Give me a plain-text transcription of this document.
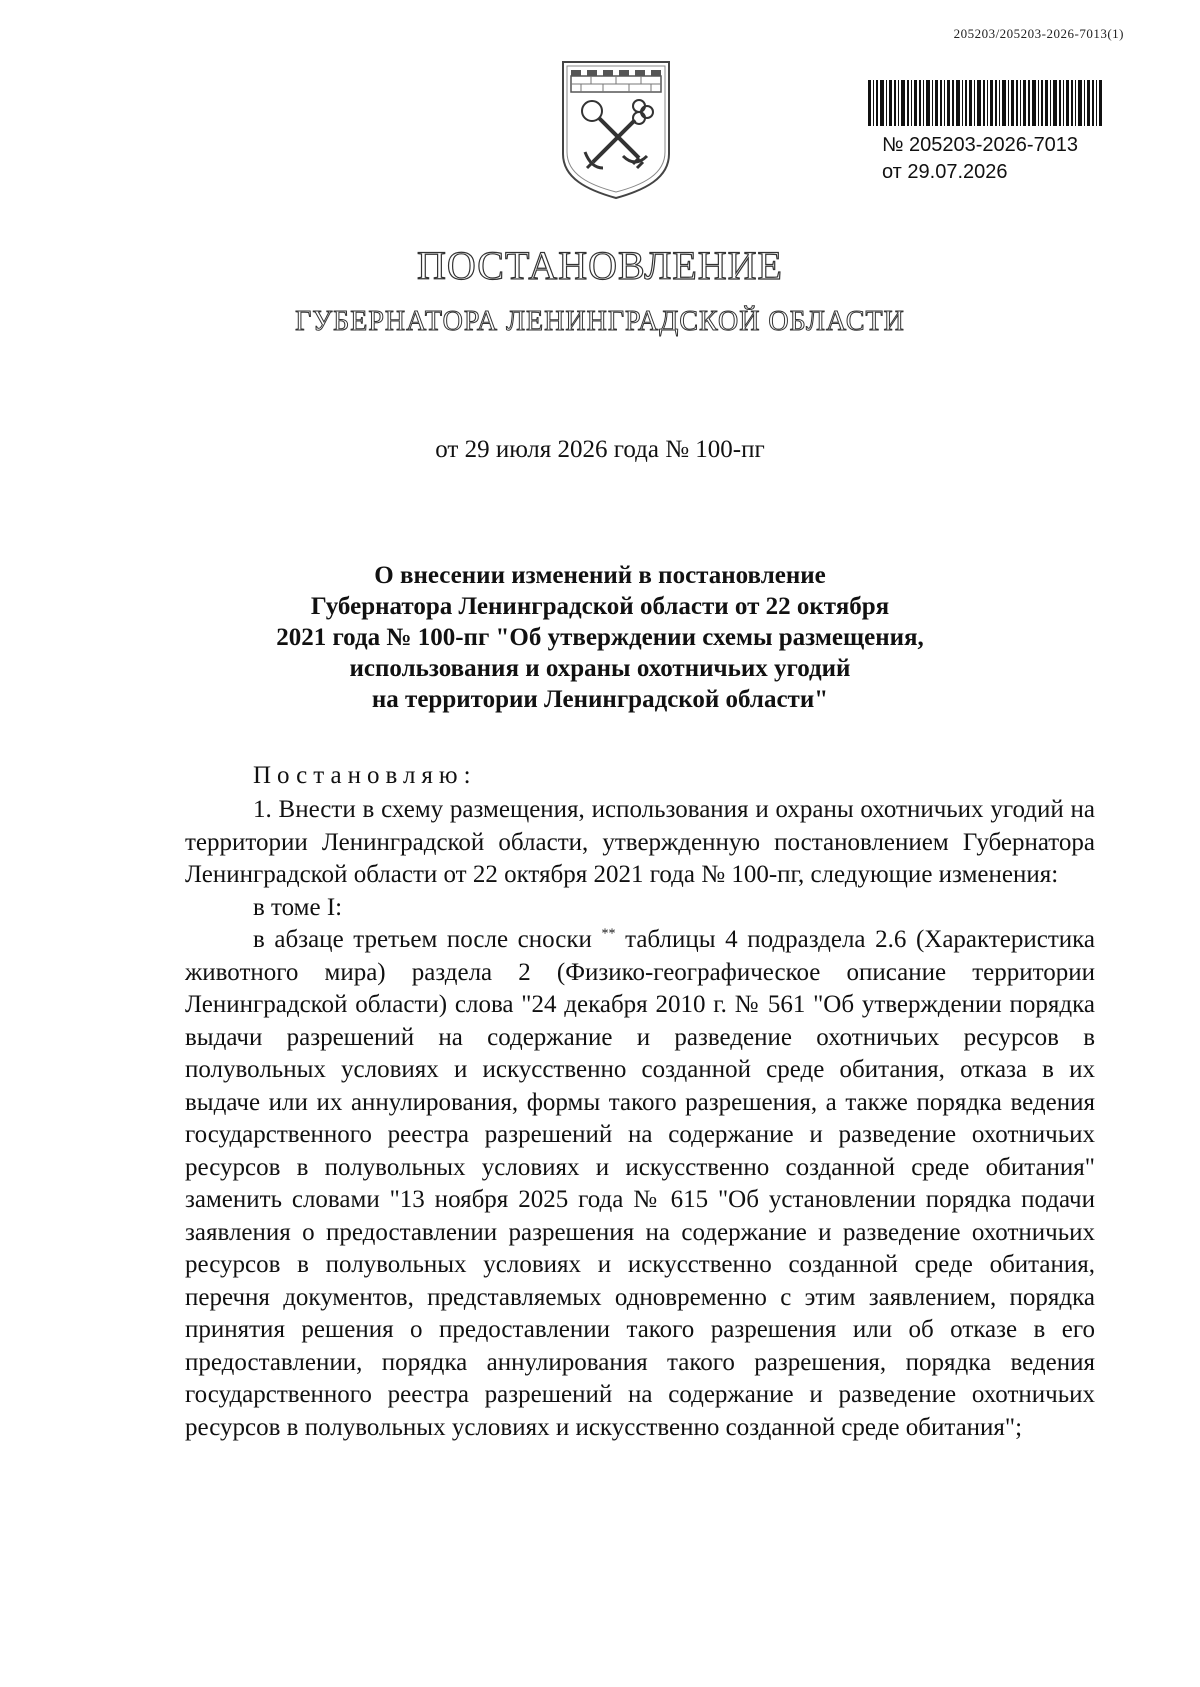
205203/205203-2026-7013(1)
№ 205203-2026-7013
от 29.07.2026
ПОСТАНОВЛЕНИЕ
ГУБЕРНАТОРА ЛЕНИНГРАДСКОЙ ОБЛАСТИ
от 29 июля 2026 года № 100-пг
О внесении изменений в постановление
Губернатора Ленинградской области от 22 октября
2021 года № 100-пг "Об утверждении схемы размещения,
использования и охраны охотничьих угодий
на территории Ленинградской области"
Постановляю:

1. Внести в схему размещения, использования и охраны охотничьих угодий на территории Ленинградской области, утвержденную постановлением Губернатора Ленинградской области от 22 октября 2021 года № 100-пг, следующие изменения:

в томе I:

в абзаце третьем после сноски ** таблицы 4 подраздела 2.6 (Характеристика животного мира) раздела 2 (Физико-географическое описание территории Ленинградской области) слова "24 декабря 2010 г. № 561 "Об утверждении порядка выдачи разрешений на содержание и разведение охотничьих ресурсов в полувольных условиях и искусственно созданной среде обитания, отказа в их выдаче или их аннулирования, формы такого разрешения, а также порядка ведения государственного реестра разрешений на содержание и разведение охотничьих ресурсов в полувольных условиях и искусственно созданной среде обитания" заменить словами "13 ноября 2025 года № 615 "Об установлении порядка подачи заявления о предоставлении разрешения на содержание и разведение охотничьих ресурсов в полувольных условиях и искусственно созданной среде обитания, перечня документов, представляемых одновременно с этим заявлением, порядка принятия решения о предоставлении такого разрешения или об отказе в его предоставлении, порядка аннулирования такого разрешения, порядка ведения государственного реестра разрешений на содержание и разведение охотничьих ресурсов в полувольных условиях и искусственно созданной среде обитания";
